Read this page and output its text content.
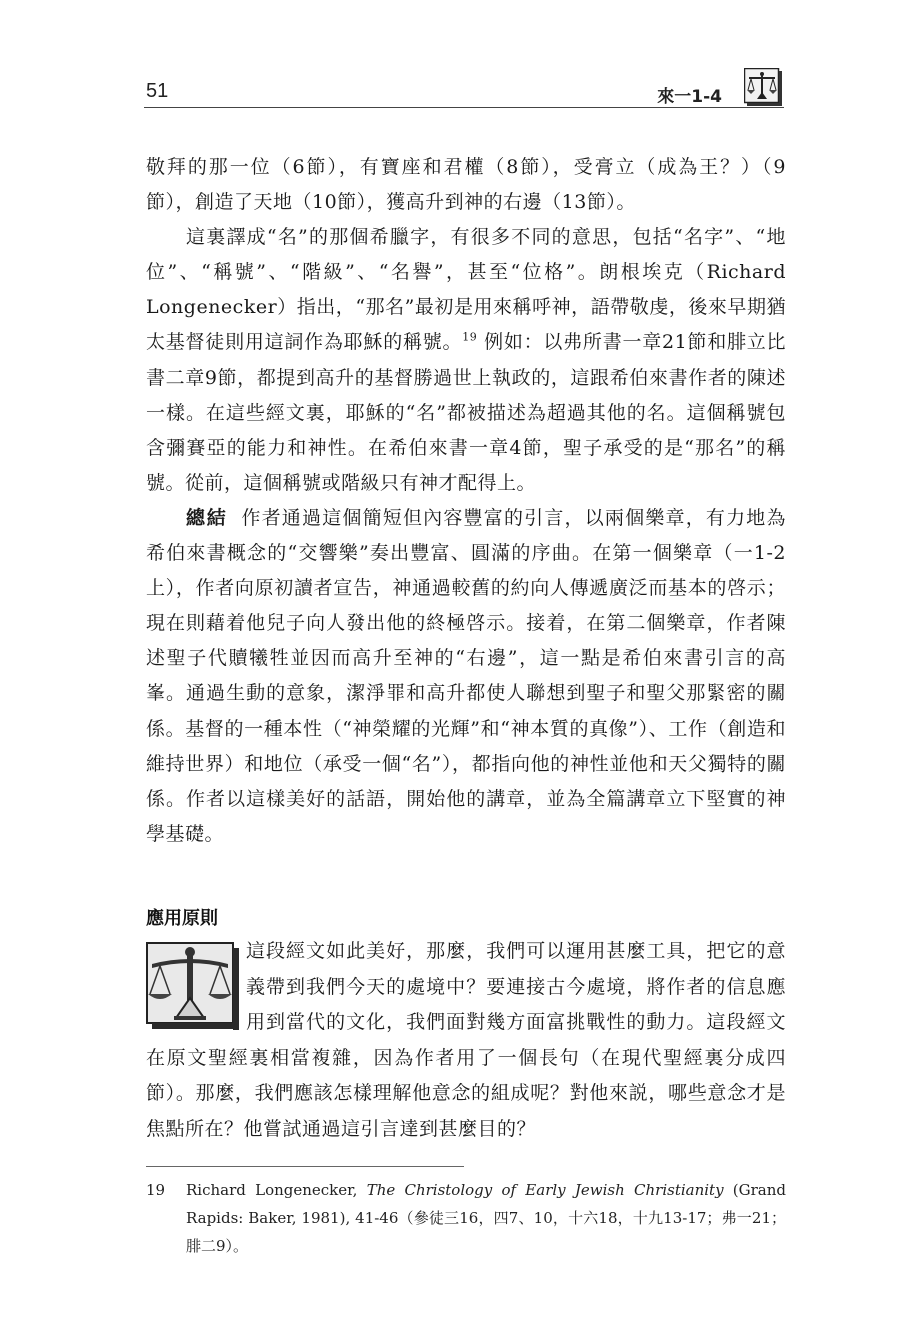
51	來一1-4

敬拜的那一位（6節），有寶座和君權（8節），受膏立（成為王？）（9節），創造了天地（10節），獲高升到神的右邊（13節）。

這裏譯成“名”的那個希臘字，有很多不同的意思，包括“名字”、“地位”、“稱號”、“階級”、“名譽”，甚至“位格”。朗根埃克（Richard Longenecker）指出，“那名”最初是用來稱呼神，語帶敬虔，後來早期猶太基督徒則用這詞作為耶穌的稱號。$^{19}$ 例如：以弗所書一章21節和腓立比書二章9節，都提到高升的基督勝過世上執政的，這跟希伯來書作者的陳述一樣。在這些經文裏，耶穌的“名”都被描述為超過其他的名。這個稱號包含彌賽亞的能力和神性。在希伯來書一章4節，聖子承受的是“那名”的稱號。從前，這個稱號或階級只有神才配得上。

總結 作者通過這個簡短但內容豐富的引言，以兩個樂章，有力地為希伯來書概念的“交響樂”奏出豐富、圓滿的序曲。在第一個樂章（一1-2上），作者向原初讀者宣告，神通過較舊的約向人傳遞廣泛而基本的啓示；現在則藉着他兒子向人發出他的終極啓示。接着，在第二個樂章，作者陳述聖子代贖犧牲並因而高升至神的“右邊”，這一點是希伯來書引言的高峯。通過生動的意象，潔淨罪和高升都使人聯想到聖子和聖父那緊密的關係。基督的一種本性（“神榮耀的光輝”和“神本質的真像”）、工作（創造和維持世界）和地位（承受一個“名”），都指向他的神性並他和天父獨特的關係。作者以這樣美好的話語，開始他的講章，並為全篇講章立下堅實的神學基礎。

應用原則

這段經文如此美好，那麼，我們可以運用甚麼工具，把它的意義帶到我們今天的處境中？要連接古今處境，將作者的信息應用到當代的文化，我們面對幾方面富挑戰性的動力。這段經文在原文聖經裏相當複雜，因為作者用了一個長句（在現代聖經裏分成四節）。那麼，我們應該怎樣理解他意念的組成呢？對他來説，哪些意念才是焦點所在？他嘗試通過這引言達到甚麼目的？

19 Richard Longenecker, The Christology of Early Jewish Christianity (Grand Rapids: Baker, 1981), 41-46（參徒三16，四7、10，十六18，十九13-17；弗一21；腓二9）。
